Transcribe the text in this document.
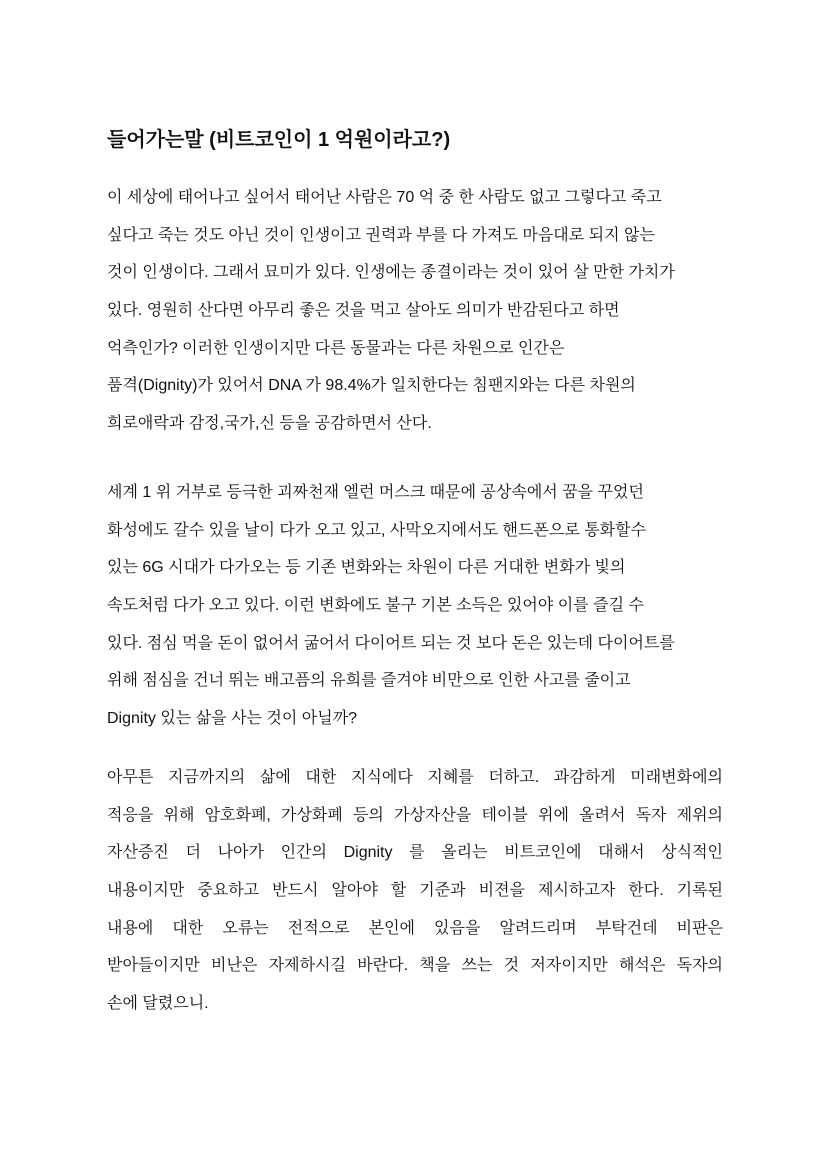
들어가는말 (비트코인이 1 억원이라고?)
이 세상에 태어나고 싶어서 태어난 사람은 70 억 중 한 사람도 없고 그렇다고 죽고
싶다고 죽는 것도 아닌 것이 인생이고 권력과 부를 다 가져도 마음대로 되지 않는
것이 인생이다. 그래서 묘미가 있다. 인생에는 종결이라는 것이 있어 살 만한 가치가
있다. 영원히 산다면 아무리 좋은 것을 먹고 살아도 의미가 반감된다고 하면
억측인가? 이러한 인생이지만 다른 동물과는 다른 차원으로 인간은
품격(Dignity)가 있어서 DNA 가 98.4%가 일치한다는 침팬지와는 다른 차원의
희로애락과 감정,국가,신 등을 공감하면서 산다.
세계 1 위 거부로 등극한 괴짜천재 엘런 머스크 때문에 공상속에서 꿈을 꾸었던
화성에도 갈수 있을 날이 다가 오고 있고, 사막오지에서도 핸드폰으로 통화할수
있는 6G 시대가 다가오는 등 기존 변화와는 차원이 다른 거대한 변화가 빛의
속도처럼 다가 오고 있다. 이런 변화에도 불구 기본 소득은 있어야 이를 즐길 수
있다. 점심 먹을 돈이 없어서 굶어서 다이어트 되는 것 보다 돈은 있는데 다이어트를
위해 점심을 건너 뛰는 배고픔의 유희를 즐겨야 비만으로 인한 사고를 줄이고
Dignity 있는 삶을 사는 것이 아닐까?
아무튼 지금까지의 삶에 대한 지식에다 지혜를 더하고. 과감하게 미래변화에의
적응을 위해 암호화폐, 가상화폐 등의 가상자산을 테이블 위에 올려서 독자 제위의
자산증진 더 나아가 인간의 Dignity 를 올리는 비트코인에 대해서 상식적인
내용이지만 중요하고 반드시 알아야 할 기준과 비젼을 제시하고자 한다. 기록된
내용에 대한 오류는 전적으로 본인에 있음을 알려드리며 부탁건데 비판은
받아들이지만 비난은 자제하시길 바란다. 책을 쓰는 것 저자이지만 해석은 독자의
손에 달렸으니.
